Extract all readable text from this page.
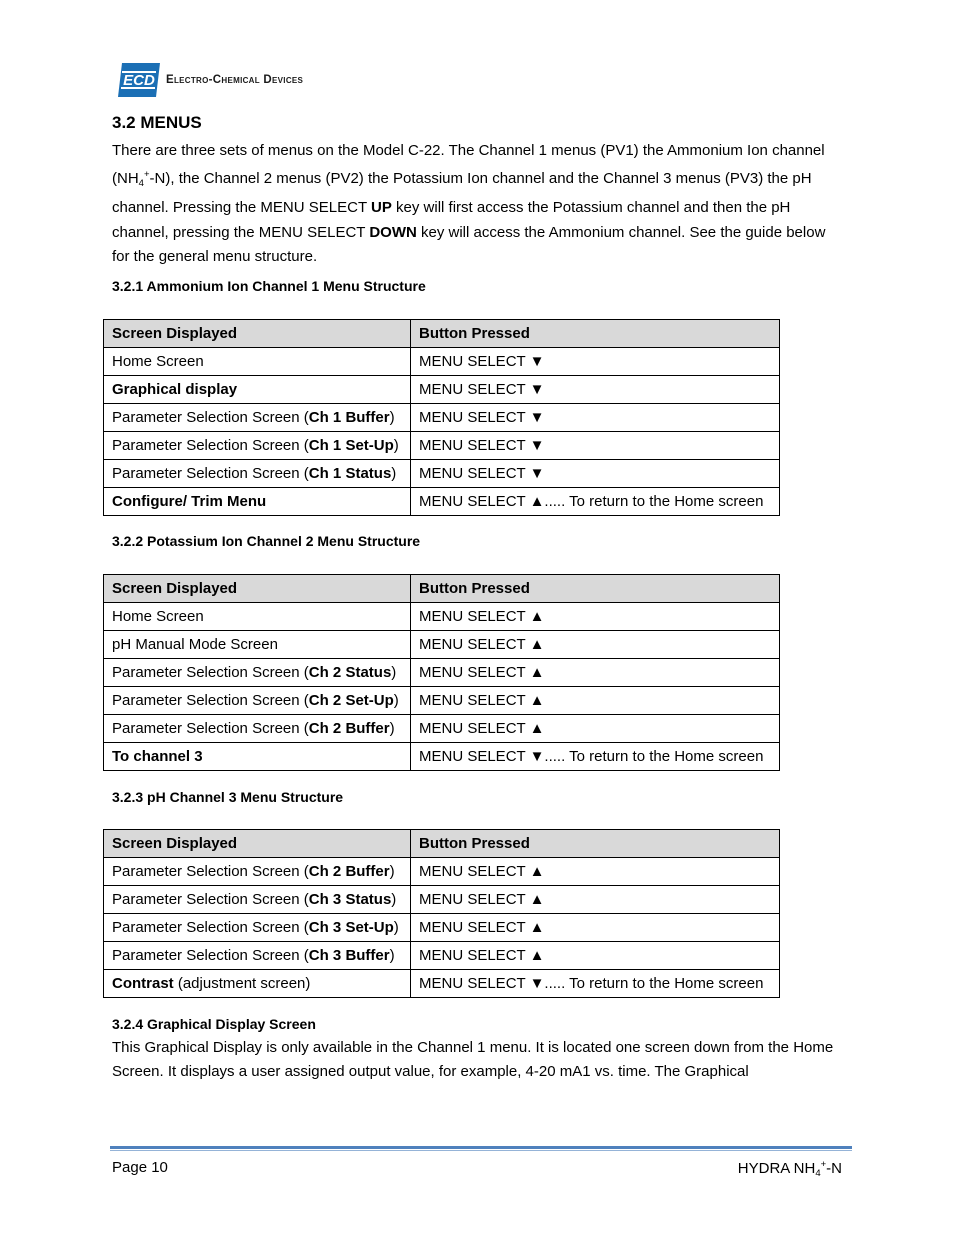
ECD Electro-Chemical Devices
3.2 MENUS

There are three sets of menus on the Model C-22. The Channel 1 menus (PV1) the Ammonium Ion channel $(NH_4^+-N)$, the Channel 2 menus (PV2) the Potassium Ion channel and the Channel 3 menus (PV3) the pH channel. Pressing the MENU SELECT UP key will first access the Potassium channel and then the pH channel, pressing the MENU SELECT DOWN key will access the Ammonium channel. See the guide below for the general menu structure.

3.2.1 Ammonium Ion Channel 1 Menu Structure
Screen Displayed	Button Pressed
Home Screen	MENU SELECT ▼
Graphical display	MENU SELECT ▼
Parameter Selection Screen (Ch 1 Buffer)	MENU SELECT ▼
Parameter Selection Screen (Ch 1 Set-Up)	MENU SELECT ▼
Parameter Selection Screen (Ch 1 Status)	MENU SELECT ▼
Configure/ Trim Menu	MENU SELECT ▲..... To return to the Home screen
3.2.2 Potassium Ion Channel 2 Menu Structure
Screen Displayed	Button Pressed
Home Screen	MENU SELECT ▲
pH Manual Mode Screen	MENU SELECT ▲
Parameter Selection Screen (Ch 2 Status)	MENU SELECT ▲
Parameter Selection Screen (Ch 2 Set-Up)	MENU SELECT ▲
Parameter Selection Screen (Ch 2 Buffer)	MENU SELECT ▲
To channel 3	MENU SELECT ▼..... To return to the Home screen
3.2.3 pH Channel 3 Menu Structure
Screen Displayed	Button Pressed
Parameter Selection Screen (Ch 2 Buffer)	MENU SELECT ▲
Parameter Selection Screen (Ch 3 Status)	MENU SELECT ▲
Parameter Selection Screen (Ch 3 Set-Up)	MENU SELECT ▲
Parameter Selection Screen (Ch 3 Buffer)	MENU SELECT ▲
Contrast (adjustment screen)	MENU SELECT ▼..... To return to the Home screen
3.2.4 Graphical Display Screen

This Graphical Display is only available in the Channel 1 menu. It is located one screen down from the Home Screen. It displays a user assigned output value, for example, 4-20 mA1 vs. time. The Graphical

Page 10	HYDRA $NH_4^+-N$
